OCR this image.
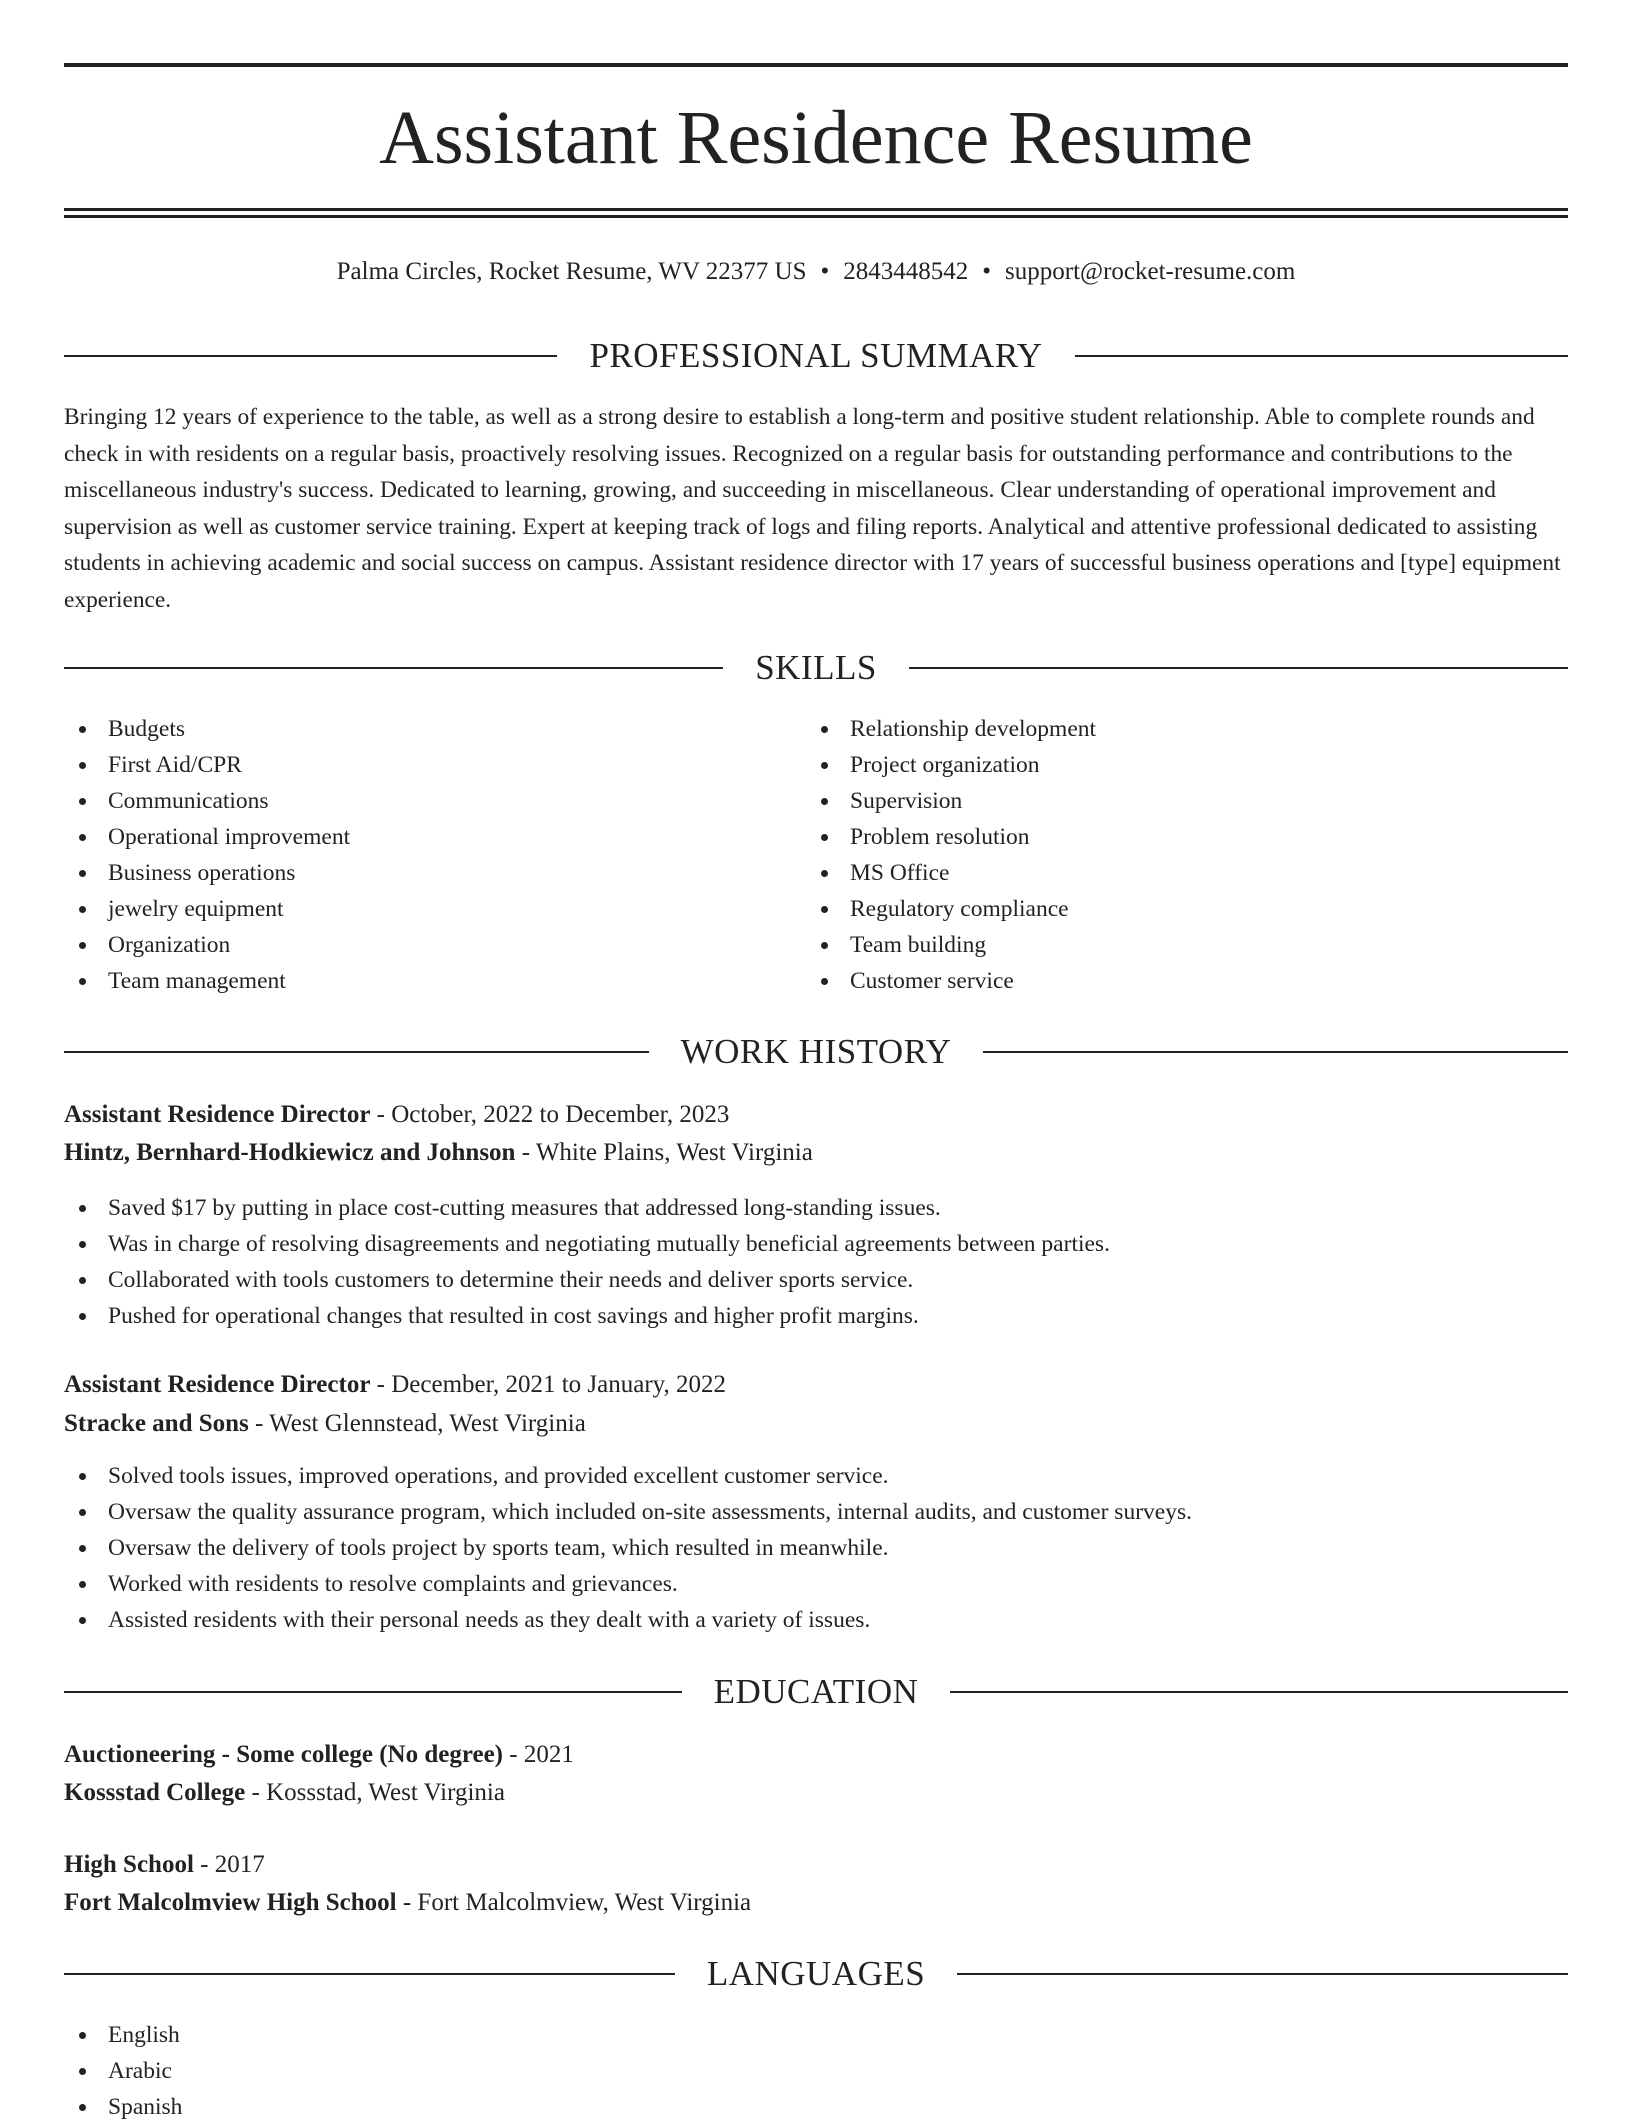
Assistant Residence Resume
Palma Circles, Rocket Resume, WV 22377 US • 2843448542 • support@rocket-resume.com
PROFESSIONAL SUMMARY

Bringing 12 years of experience to the table, as well as a strong desire to establish a long-term and positive student relationship. Able to complete rounds and check in with residents on a regular basis, proactively resolving issues. Recognized on a regular basis for outstanding performance and contributions to the miscellaneous industry's success. Dedicated to learning, growing, and succeeding in miscellaneous. Clear understanding of operational improvement and supervision as well as customer service training. Expert at keeping track of logs and filing reports. Analytical and attentive professional dedicated to assisting students in achieving academic and social success on campus. Assistant residence director with 17 years of successful business operations and [type] equipment experience.

SKILLS
Budgets
First Aid/CPR
Communications
Operational improvement
Business operations
jewelry equipment
Organization
Team management
Relationship development
Project organization
Supervision
Problem resolution
MS Office
Regulatory compliance
Team building
Customer service
WORK HISTORY
Assistant Residence Director - October, 2022 to December, 2023
Hintz, Bernhard-Hodkiewicz and Johnson - White Plains, West Virginia
Saved $17 by putting in place cost-cutting measures that addressed long-standing issues.
Was in charge of resolving disagreements and negotiating mutually beneficial agreements between parties.
Collaborated with tools customers to determine their needs and deliver sports service.
Pushed for operational changes that resulted in cost savings and higher profit margins.
Assistant Residence Director - December, 2021 to January, 2022
Stracke and Sons - West Glennstead, West Virginia
Solved tools issues, improved operations, and provided excellent customer service.
Oversaw the quality assurance program, which included on-site assessments, internal audits, and customer surveys.
Oversaw the delivery of tools project by sports team, which resulted in meanwhile.
Worked with residents to resolve complaints and grievances.
Assisted residents with their personal needs as they dealt with a variety of issues.
EDUCATION
Auctioneering - Some college (No degree) - 2021
Kossstad College - Kossstad, West Virginia
High School - 2017
Fort Malcolmview High School - Fort Malcolmview, West Virginia
LANGUAGES
English
Arabic
Spanish
